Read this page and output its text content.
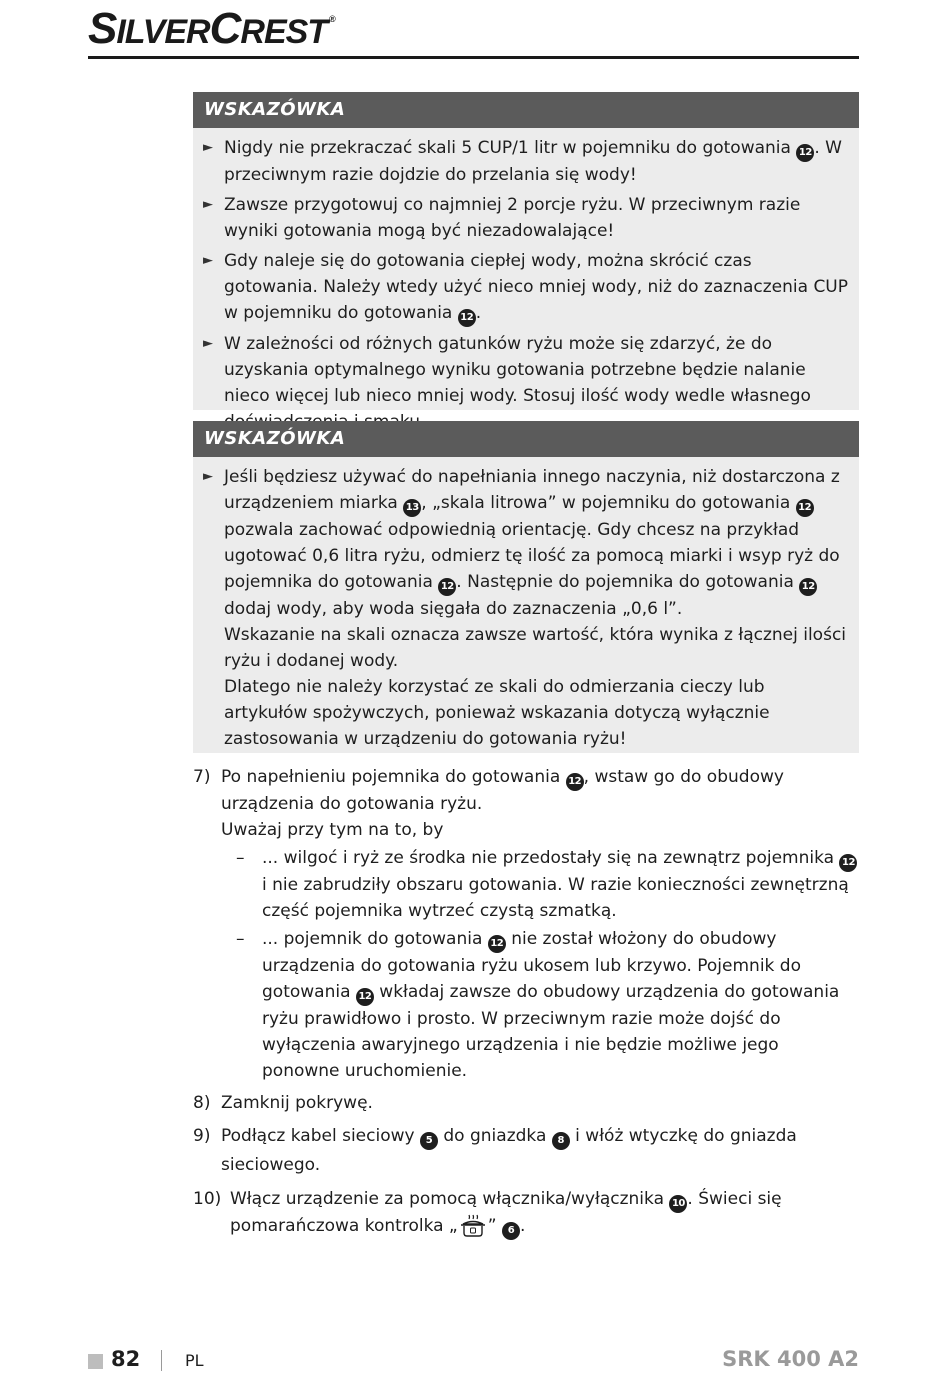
S ILVER C REST ®
WSKAZÓWKA
► Nigdy nie przekraczać skali 5 CUP/1 litr w pojemniku do gotowania 12 . W przeciwnym razie dojdzie do przelania się wody!
► Zawsze przygotowuj co najmniej 2 porcje ryżu. W przeciwnym razie wyniki gotowania mogą być niezadowalające!
► Gdy naleje się do gotowania ciepłej wody, można skrócić czas gotowania. Należy wtedy użyć nieco mniej wody, niż do zaznaczenia CUP w pojemniku do gotowania 12 .
► W zależności od różnych gatunków ryżu może się zdarzyć, że do uzyskania optymalnego wyniku gotowania potrzebne będzie nalanie nieco więcej lub nieco mniej wody. Stosuj ilość wody wedle własnego
WSKAZÓWKA
► Jeśli będziesz używać do napełniania innego naczynia, niż dostarczona z urządzeniem miarka 13 , „skala litrowa” w pojemniku do gotowania 12 pozwala zachować odpowiednią orientację. Gdy chcesz na przykład ugotować 0,6 litra ryżu, odmierz tę ilość za pomocą miarki i wsyp ryż do pojemnika do gotowania 12 . Następnie do pojemnika do gotowania 12 dodaj wody, aby woda sięgała do zaznaczenia „0,6 l”.
Wskazanie na skali oznacza zawsze wartość, która wynika z łącznej ilości ryżu i dodanej wody.
Dlatego nie należy korzystać ze skali do odmierzania cieczy lub artykułów spożywczych, ponieważ wskazania dotyczą wyłącznie zastosowania w urządzeniu do gotowania ryżu!
7) Po napełnieniu pojemnika do gotowania 12 , wstaw go do obudowy urządzenia do gotowania ryżu.
Uważaj przy tym na to, by
– ... wilgoć i ryż ze środka nie przedostały się na zewnątrz pojemnika 12 i nie zabrudziły obszaru gotowania. W razie konieczności zewnętrzną część pojemnika wytrzeć czystą szmatką.
– ... pojemnik do gotowania 12 nie został włożony do obudowy urządzenia do gotowania ryżu ukosem lub krzywo. Pojemnik do gotowania 12 wkładaj zawsze do obudowy urządzenia do gotowania ryżu prawidłowo i prosto. W przeciwnym razie może dojść do wyłączenia awaryjnego urządzenia i nie będzie możliwe jego ponowne uruchomienie.
8) Zamknij pokrywę.
9) Podłącz kabel sieciowy 5 do gniazdka 8 i włóż wtyczkę do gniazda sieciowego.
10) Włącz urządzenie za pomocą włącznika/wyłącznika 10 . Świeci się pomarańczowa kontrolka „ ” 6 .
82	PL	SRK 400 A2
